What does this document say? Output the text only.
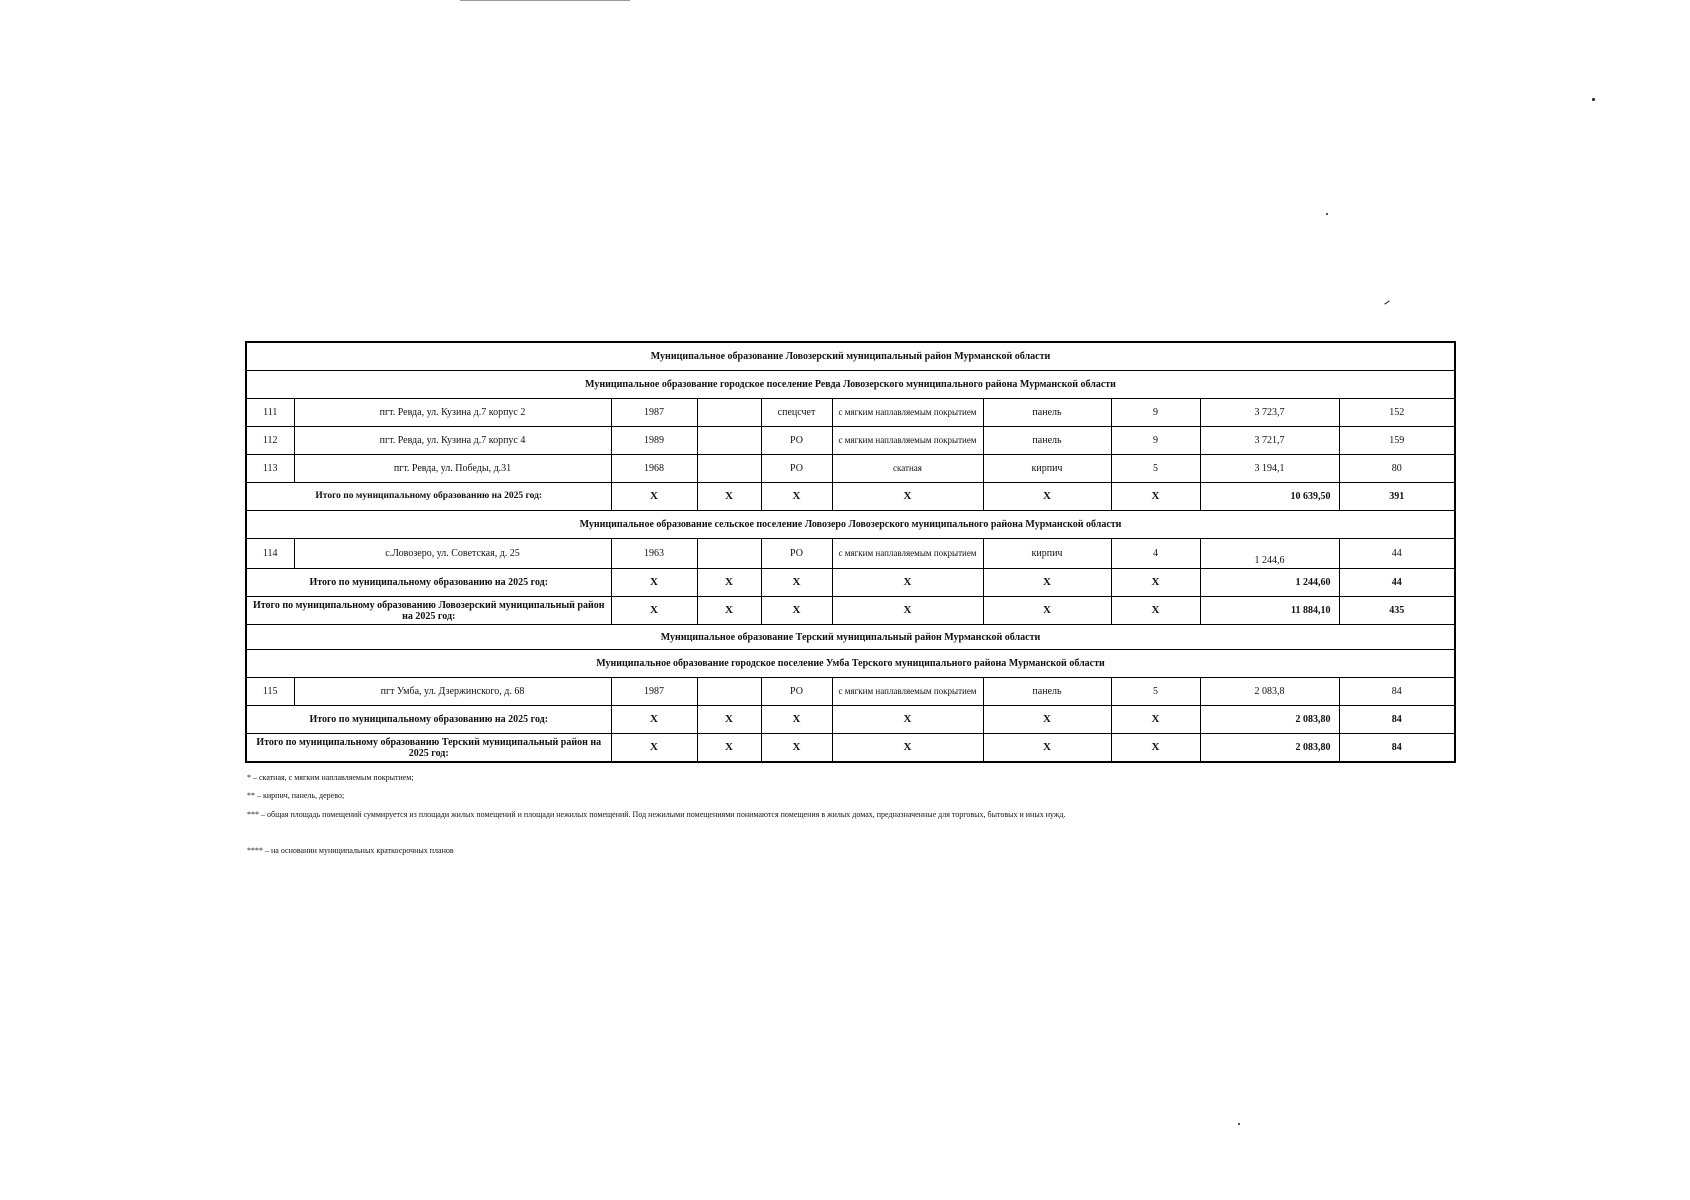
Муниципальное образование Ловозерский муниципальный район Мурманской области									
Муниципальное образование городское поселение Ревда Ловозерского муниципального района Мурманской области									
111	пгт. Ревда, ул. Кузина д.7 корпус 2	1987		спецсчет	с мягким наплавляемым покрытием	панель	9	3 723,7	152
112	пгт. Ревда, ул. Кузина д.7 корпус 4	1989		РО	с мягким наплавляемым покрытием	панель	9	3 721,7	159
113	пгт. Ревда, ул. Победы, д.31	1968		РО	скатная	кирпич	5	3 194,1	80
Итого по муниципальному образованию на 2025 год:		Х	Х	Х	Х	Х	Х	10 639,50	391
Муниципальное образование сельское поселение Ловозеро Ловозерского муниципального района Мурманской области									
114	с.Ловозеро, ул. Советская, д. 25	1963		РО	с мягким наплавляемым покрытием	кирпич	4	1 244,6	44
Итого по муниципальному образованию на 2025 год:		Х	Х	Х	Х	Х	Х	1 244,60	44
Итого по муниципальному образованию Ловозерский муниципальный район на 2025 год:		Х	Х	Х	Х	Х	Х	11 884,10	435
Муниципальное образование Терский муниципальный район Мурманской области									
Муниципальное образование городское поселение Умба Терского муниципального района Мурманской области									
115	пгт Умба, ул. Дзержинского, д. 68	1987		РО	с мягким наплавляемым покрытием	панель	5	2 083,8	84
Итого по муниципальному образованию на 2025 год:		Х	Х	Х	Х	Х	Х	2 083,80	84
Итого по муниципальному образованию Терский муниципальный район на 2025 год:		Х	Х	Х	Х	Х	Х	2 083,80	84
* – скатная, с мягким наплавляемым покрытием;
** – кирпич, панель, дерево;
*** – общая площадь помещений суммируется из площади жилых помещений и площади нежилых помещений. Под нежилыми помещениями понимаются помещения в жилых домах, предназначенные для торговых, бытовых и иных нужд.
**** – на основании муниципальных краткосрочных планов
